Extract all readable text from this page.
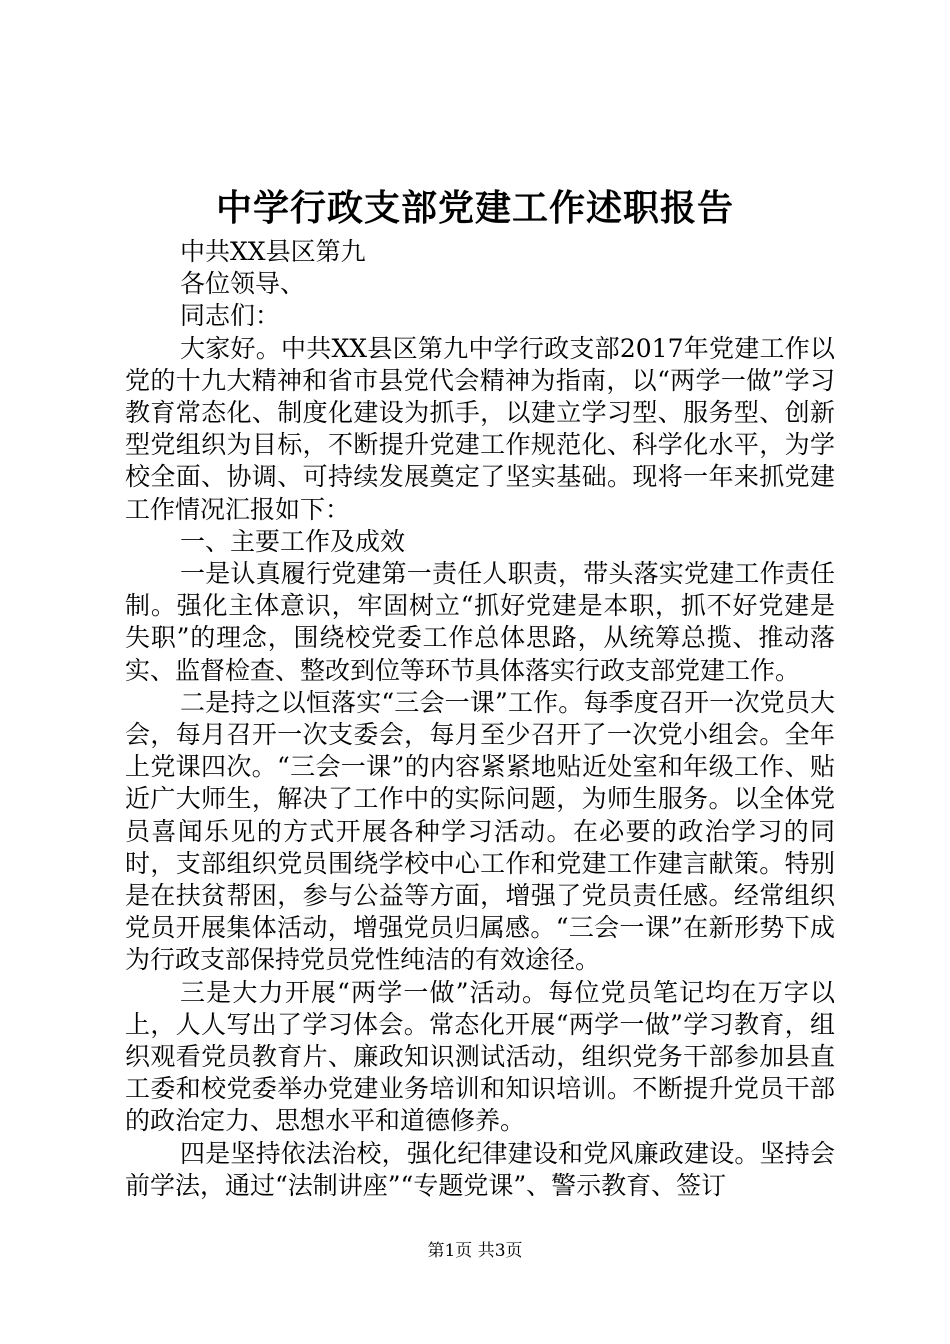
中学行政支部党建工作述职报告

中共XX县区第九

各位领导、

同志们：

大家好。中共XX县区第九中学行政支部2017年党建工作以党的十九大精神和省市县党代会精神为指南，以“两学一做”学习教育常态化、制度化建设为抓手，以建立学习型、服务型、创新型党组织为目标，不断提升党建工作规范化、科学化水平，为学校全面、协调、可持续发展奠定了坚实基础。现将一年来抓党建工作情况汇报如下：

一、主要工作及成效

一是认真履行党建第一责任人职责，带头落实党建工作责任制。强化主体意识，牢固树立“抓好党建是本职，抓不好党建是失职”的理念，围绕校党委工作总体思路，从统筹总揽、推动落实、监督检查、整改到位等环节具体落实行政支部党建工作。

二是持之以恒落实“三会一课”工作。每季度召开一次党员大会，每月召开一次支委会，每月至少召开了一次党小组会。全年上党课四次。“三会一课”的内容紧紧地贴近处室和年级工作、贴近广大师生，解决了工作中的实际问题，为师生服务。以全体党员喜闻乐见的方式开展各种学习活动。在必要的政治学习的同时，支部组织党员围绕学校中心工作和党建工作建言献策。特别是在扶贫帮困，参与公益等方面，增强了党员责任感。经常组织党员开展集体活动，增强党员归属感。“三会一课”在新形势下成为行政支部保持党员党性纯洁的有效途径。

三是大力开展“两学一做”活动。每位党员笔记均在万字以上，人人写出了学习体会。常态化开展“两学一做”学习教育，组织观看党员教育片、廉政知识测试活动，组织党务干部参加县直工委和校党委举办党建业务培训和知识培训。不断提升党员干部的政治定力、思想水平和道德修养。

四是坚持依法治校，强化纪律建设和党风廉政建设。坚持会前学法，通过“法制讲座”“专题党课”、警示教育、签订

第1页 共3页
